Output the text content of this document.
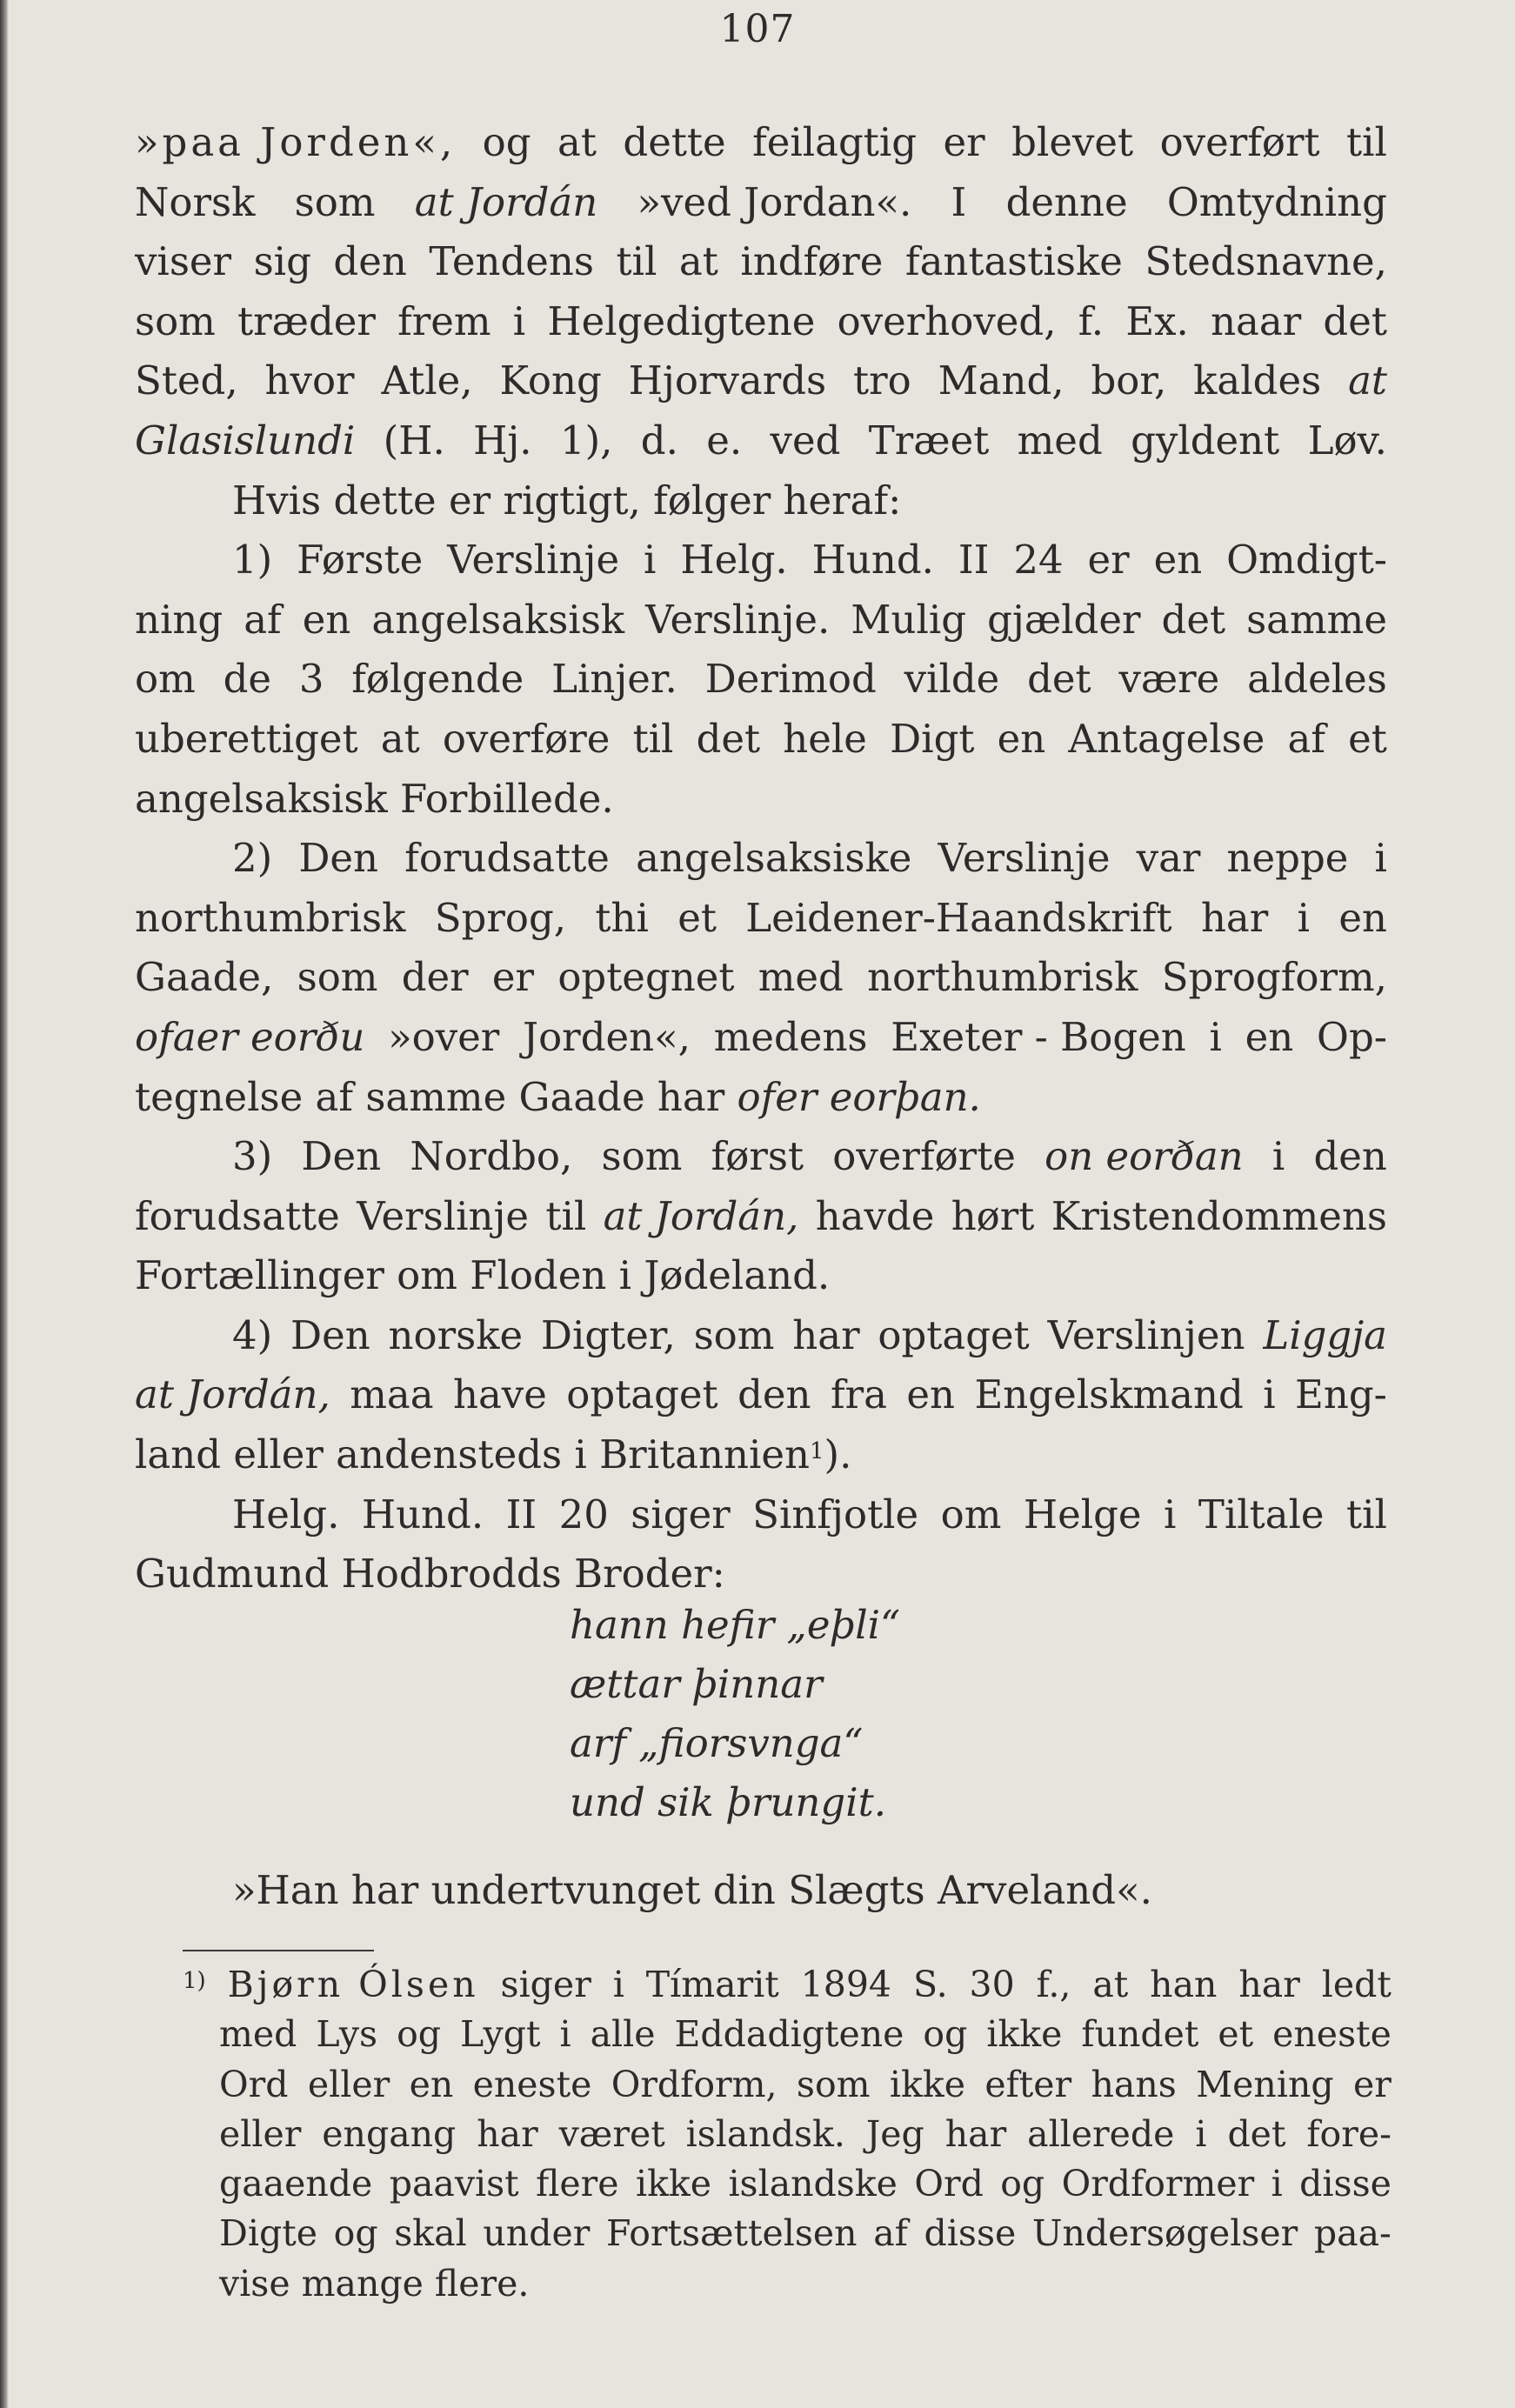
107
»paa Jorden«, og at dette feilagtig er blevet overført til
Norsk som at Jordán »ved Jordan«. I denne Omtydning
viser sig den Tendens til at indføre fantastiske Stedsnavne,
som træder frem i Helgedigtene overhoved, f. Ex. naar det
Sted, hvor Atle, Kong Hjorvards tro Mand, bor, kaldes at
Glasislundi (H. Hj. 1), d. e. ved Træet med gyldent Løv.
Hvis dette er rigtigt, følger heraf:
1) Første Verslinje i Helg. Hund. II 24 er en Omdigt-
ning af en angelsaksisk Verslinje. Mulig gjælder det samme
om de 3 følgende Linjer. Derimod vilde det være aldeles
uberettiget at overføre til det hele Digt en Antagelse af et
angelsaksisk Forbillede.
2) Den forudsatte angelsaksiske Verslinje var neppe i
northumbrisk Sprog, thi et Leidener-Haandskrift har i en
Gaade, som der er optegnet med northumbrisk Sprogform,
ofaer eorðu »over Jorden«, medens Exeter - Bogen i en Op-
tegnelse af samme Gaade har ofer eorþan.
3) Den Nordbo, som først overførte on eorðan i den
forudsatte Verslinje til at Jordán, havde hørt Kristendommens
Fortællinger om Floden i Jødeland.
4) Den norske Digter, som har optaget Verslinjen Liggja
at Jordán, maa have optaget den fra en Engelskmand i Eng-
land eller andensteds i Britannien$^1$ ).
Helg. Hund. II 20 siger Sinfjotle om Helge i Tiltale til
Gudmund Hodbrodds Broder:
hann hefir „eþli“
ættar þinnar
arf „fiorsvnga“
und sik þrungit.
»Han har undertvunget din Slægts Arveland«.
$^{1)}$ Bjørn Ólsen siger i Tímarit 1894 S. 30 f., at han har ledt
med Lys og Lygt i alle Eddadigtene og ikke fundet et eneste
Ord eller en eneste Ordform, som ikke efter hans Mening er
eller engang har været islandsk. Jeg har allerede i det fore-
gaaende paavist flere ikke islandske Ord og Ordformer i disse
Digte og skal under Fortsættelsen af disse Undersøgelser paa-
vise mange flere.
